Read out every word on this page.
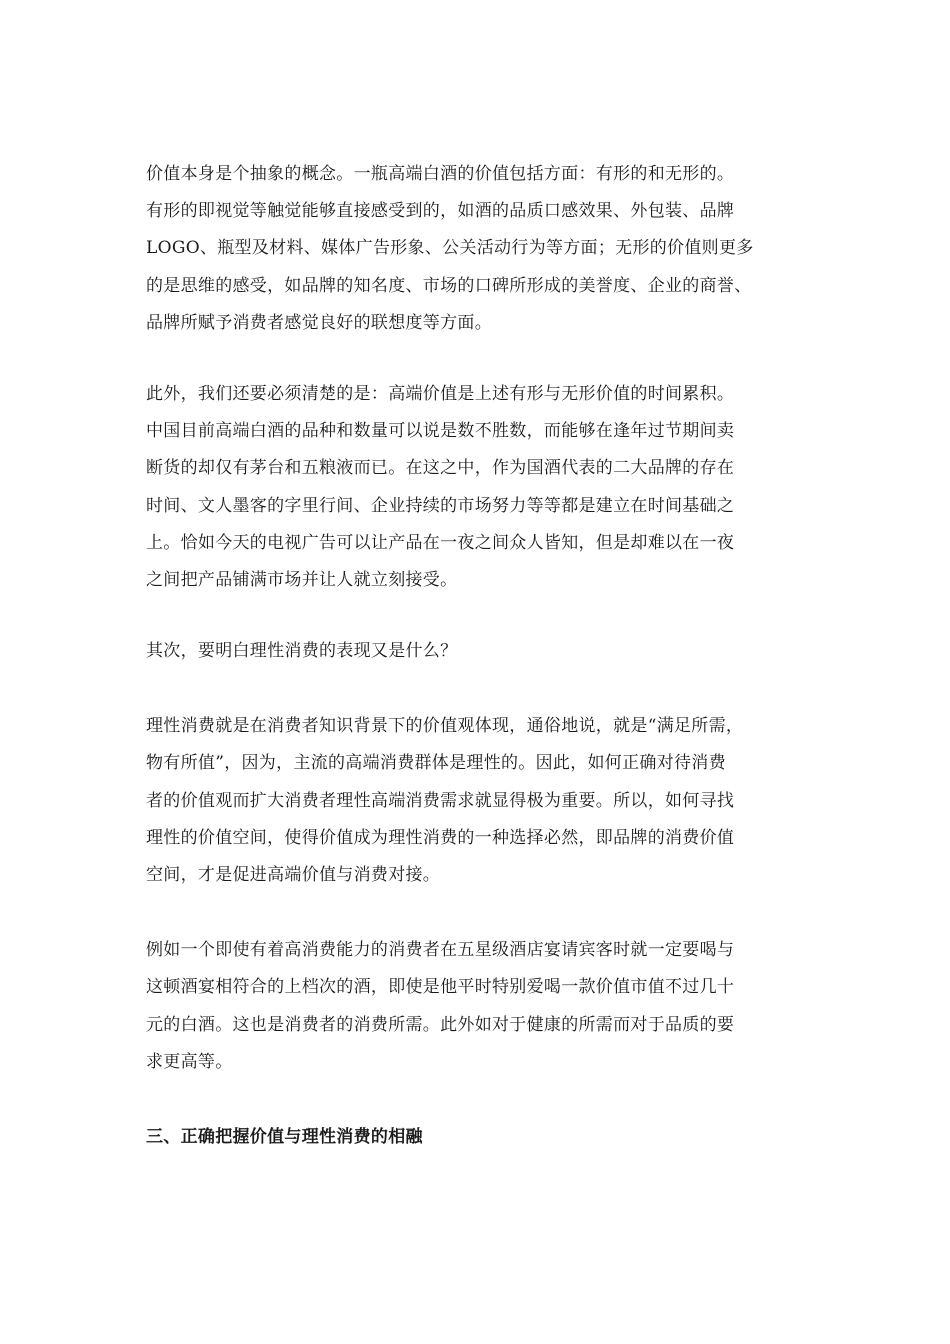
价值本身是个抽象的概念。一瓶高端白酒的价值包括方面：有形的和无形的。
有形的即视觉等触觉能够直接感受到的，如酒的品质口感效果、外包装、品牌
LOGO、瓶型及材料、媒体广告形象、公关活动行为等方面；无形的价值则更多
的是思维的感受，如品牌的知名度、市场的口碑所形成的美誉度、企业的商誉、
品牌所赋予消费者感觉良好的联想度等方面。
此外，我们还要必须清楚的是：高端价值是上述有形与无形价值的时间累积。
中国目前高端白酒的品种和数量可以说是数不胜数，而能够在逢年过节期间卖
断货的却仅有茅台和五粮液而已。在这之中，作为国酒代表的二大品牌的存在
时间、文人墨客的字里行间、企业持续的市场努力等等都是建立在时间基础之
上。恰如今天的电视广告可以让产品在一夜之间众人皆知，但是却难以在一夜
之间把产品铺满市场并让人就立刻接受。
其次，要明白理性消费的表现又是什么？
理性消费就是在消费者知识背景下的价值观体现，通俗地说，就是“满足所需，
物有所值”，因为，主流的高端消费群体是理性的。因此，如何正确对待消费
者的价值观而扩大消费者理性高端消费需求就显得极为重要。所以，如何寻找
理性的价值空间，使得价值成为理性消费的一种选择必然，即品牌的消费价值
空间，才是促进高端价值与消费对接。
例如一个即使有着高消费能力的消费者在五星级酒店宴请宾客时就一定要喝与
这顿酒宴相符合的上档次的酒，即使是他平时特别爱喝一款价值市值不过几十
元的白酒。这也是消费者的消费所需。此外如对于健康的所需而对于品质的要
求更高等。
三、正确把握价值与理性消费的相融
